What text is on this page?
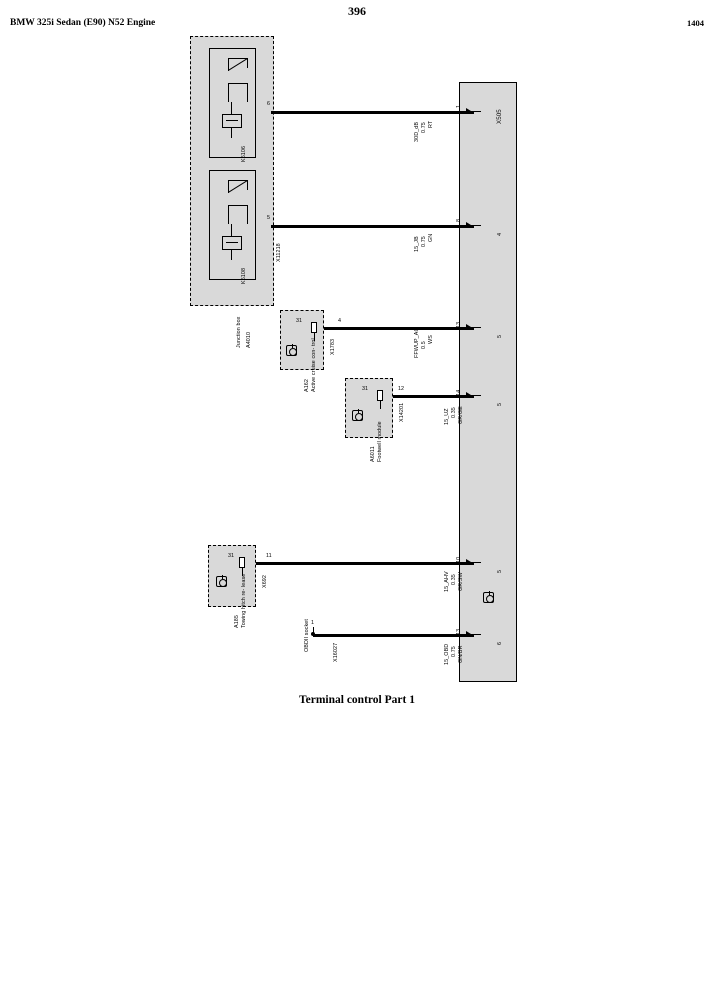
396
BMW 325i Sedan (E90) N52 Engine	1404
K6106
K6108
Junction box A4010
6
30D_dB 0.75 RT
1
X505
5
X11218	15_JB 0.75 GN
8
4
31
X1783
A162 Active cruise con- trol
4
FFWUP_AC 0.5
WS
13
5
31
X14201
A6011 Footwell module
12
15_UZ 0.35 GR/GE
14
5
31
X692
A185 Towing hitch re- lease
11
15_AHV 0.35 GR/SW
10
5
1
OBDII socket
X16027	15_OBD 0.75 GN/BR
13
6
Terminal control Part 1
